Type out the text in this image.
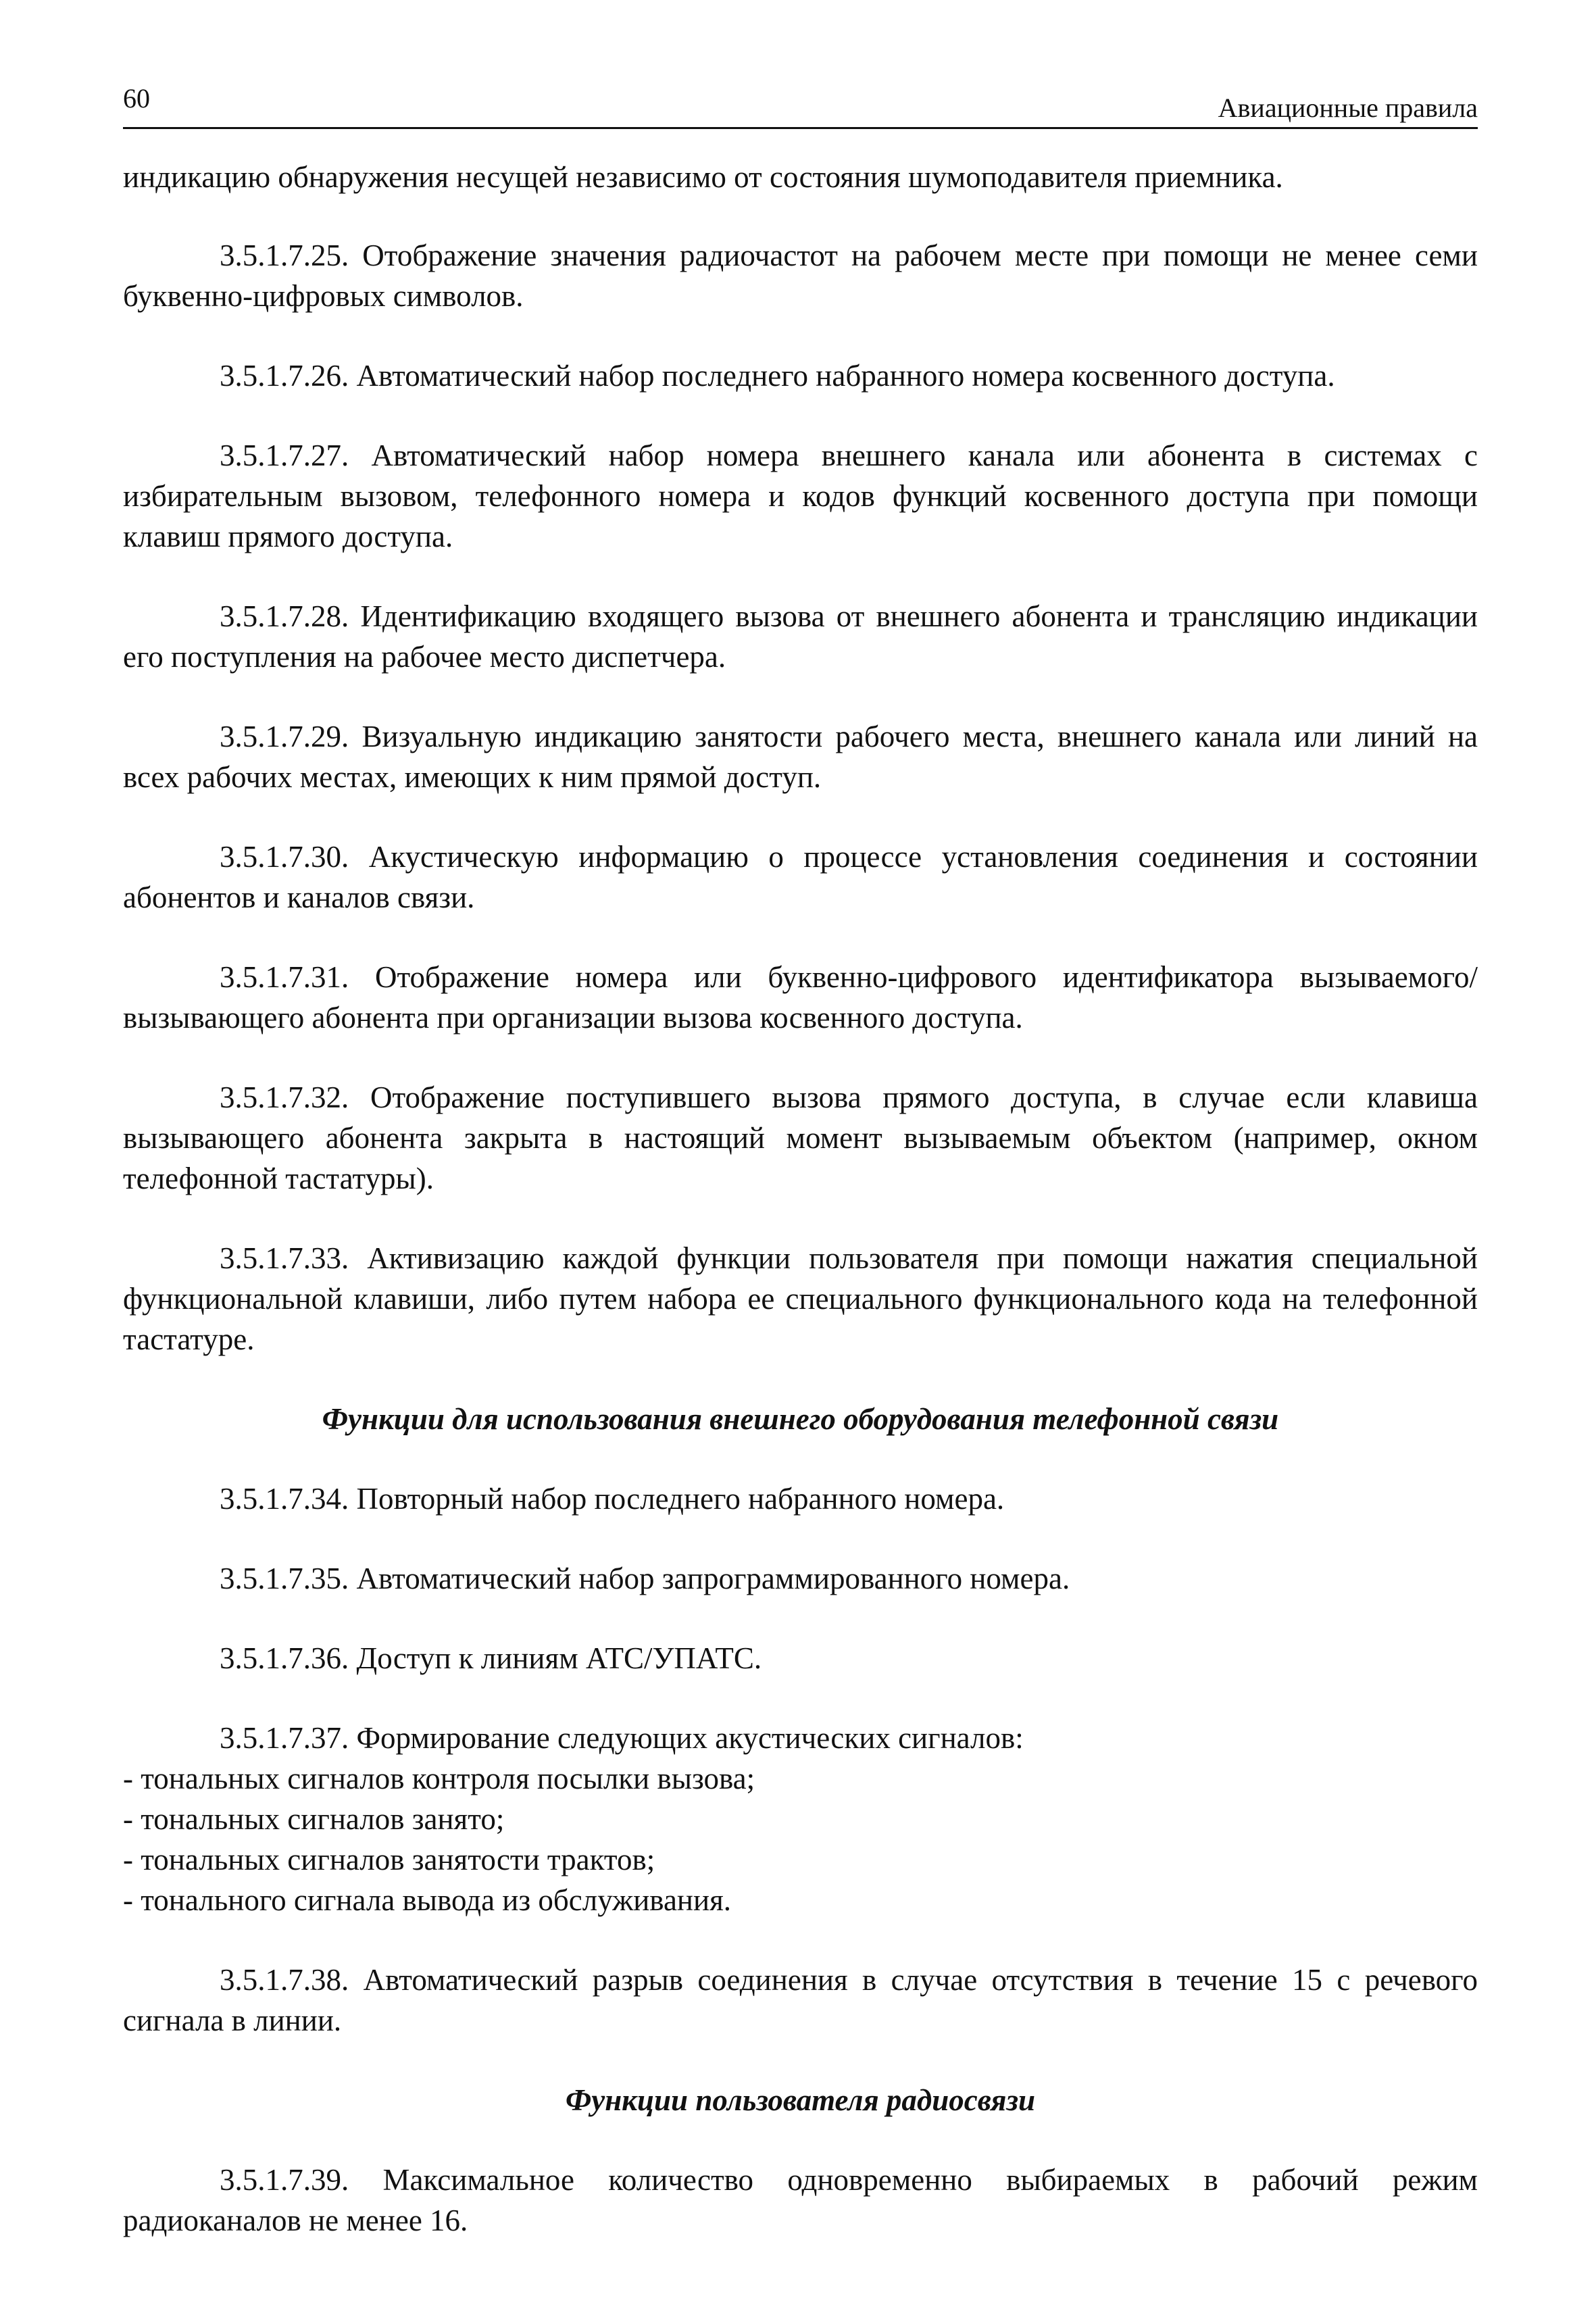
60	Авиационные правила

индикацию обнаружения несущей независимо от состояния шумоподавителя приемника.

3.5.1.7.25. Отображение значения радиочастот на рабочем месте при помощи не менее семи буквенно-цифровых символов.

3.5.1.7.26. Автоматический набор последнего набранного номера косвенного доступа.

3.5.1.7.27. Автоматический набор номера внешнего канала или абонента в системах с избирательным вызовом, телефонного номера и кодов функций косвенного доступа при помощи клавиш прямого доступа.

3.5.1.7.28. Идентификацию входящего вызова от внешнего абонента и трансляцию индикации его поступления на рабочее место диспетчера.

3.5.1.7.29. Визуальную индикацию занятости рабочего места, внешнего канала или линий на всех рабочих местах, имеющих к ним прямой доступ.

3.5.1.7.30. Акустическую информацию о процессе установления соединения и состоянии абонентов и каналов связи.

3.5.1.7.31. Отображение номера или буквенно-цифрового идентификатора вызываемого/вызывающего абонента при организации вызова косвенного доступа.

3.5.1.7.32. Отображение поступившего вызова прямого доступа, в случае если клавиша вызывающего абонента закрыта в настоящий момент вызываемым объектом (например, окном телефонной тастатуры).

3.5.1.7.33. Активизацию каждой функции пользователя при помощи нажатия специальной функциональной клавиши, либо путем набора ее специального функционального кода на телефонной тастатуре.

Функции для использования внешнего оборудования телефонной связи

3.5.1.7.34. Повторный набор последнего набранного номера.

3.5.1.7.35. Автоматический набор запрограммированного номера.

3.5.1.7.36. Доступ к линиям АТС/УПАТС.

3.5.1.7.37. Формирование следующих акустических сигналов:

- тональных сигналов контроля посылки вызова;
- тональных сигналов занято;
- тональных сигналов занятости трактов;
- тонального сигнала вывода из обслуживания.

3.5.1.7.38. Автоматический разрыв соединения в случае отсутствия в течение 15 с речевого сигнала в линии.

Функции пользователя радиосвязи

3.5.1.7.39. Максимальное количество одновременно выбираемых в рабочий режим радиоканалов не менее 16.
